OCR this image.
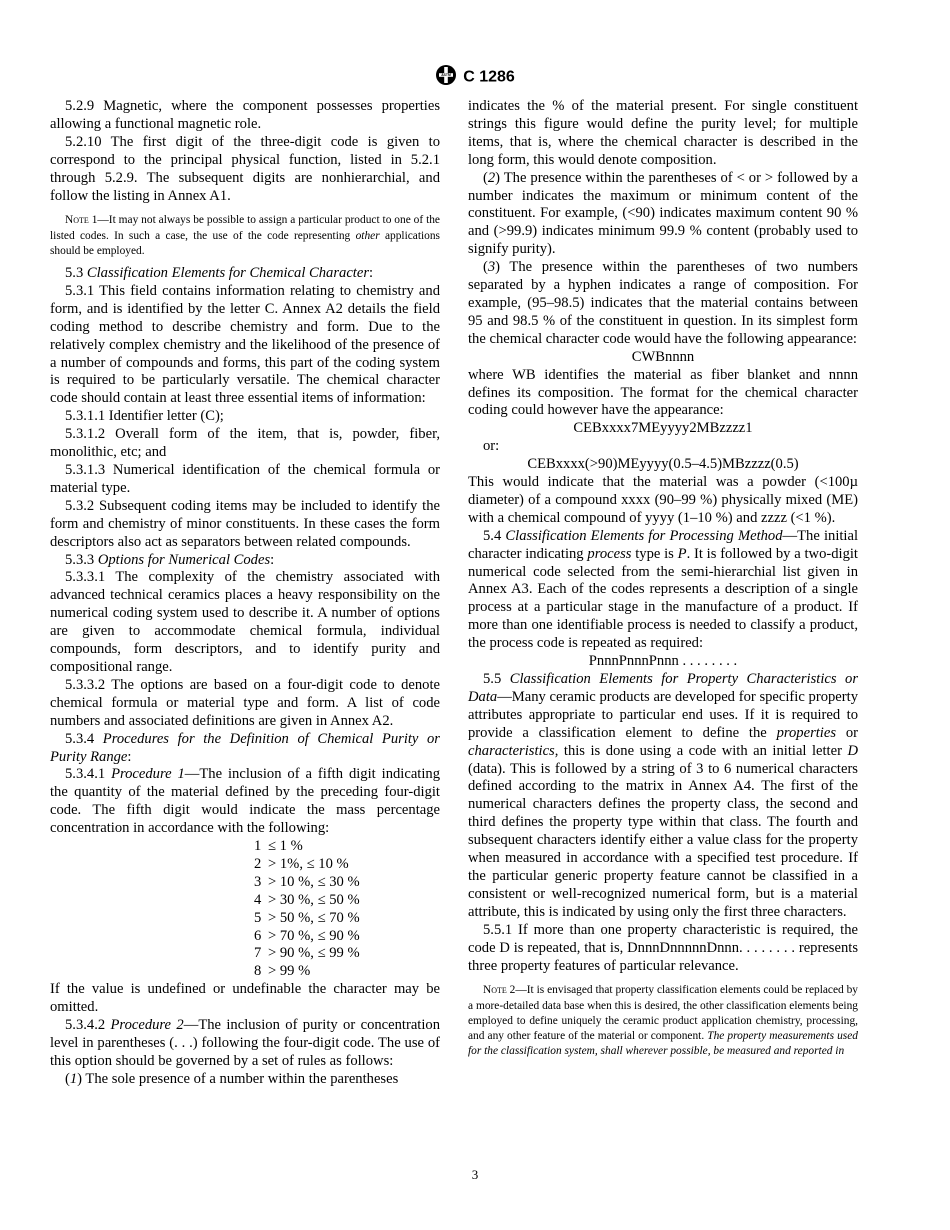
ASTM C 1286

5.2.9 Magnetic, where the component possesses properties allowing a functional magnetic role.

5.2.10 The first digit of the three-digit code is given to correspond to the principal physical function, listed in 5.2.1 through 5.2.9. The subsequent digits are nonhierarchial, and follow the listing in Annex A1.

Note 1—It may not always be possible to assign a particular product to one of the listed codes. In such a case, the use of the code representing other applications should be employed.

5.3 Classification Elements for Chemical Character:

5.3.1 This field contains information relating to chemistry and form, and is identified by the letter C. Annex A2 details the field coding method to describe chemistry and form. Due to the relatively complex chemistry and the likelihood of the presence of a number of compounds and forms, this part of the coding system is required to be particularly versatile. The chemical character code should contain at least three essential items of information:

5.3.1.1 Identifier letter (C);

5.3.1.2 Overall form of the item, that is, powder, fiber, monolithic, etc; and

5.3.1.3 Numerical identification of the chemical formula or material type.

5.3.2 Subsequent coding items may be included to identify the form and chemistry of minor constituents. In these cases the form descriptors also act as separators between related compounds.

5.3.3 Options for Numerical Codes:

5.3.3.1 The complexity of the chemistry associated with advanced technical ceramics places a heavy responsibility on the numerical coding system used to describe it. A number of options are given to accommodate chemical formula, individual compounds, form descriptors, and to identify purity and compositional range.

5.3.3.2 The options are based on a four-digit code to denote chemical formula or material type and form. A list of code numbers and associated definitions are given in Annex A2.

5.3.4 Procedures for the Definition of Chemical Purity or Purity Range:

5.3.4.1 Procedure 1—The inclusion of a fifth digit indicating the quantity of the material defined by the preceding four-digit code. The fifth digit would indicate the mass percentage concentration in accordance with the following:

1 ≤ 1 %
2 > 1%, ≤ 10 %
3 > 10 %, ≤ 30 %
4 > 30 %, ≤ 50 %
5 > 50 %, ≤ 70 %
6 > 70 %, ≤ 90 %
7 > 90 %, ≤ 99 %
8 > 99 %

If the value is undefined or undefinable the character may be omitted.

5.3.4.2 Procedure 2—The inclusion of purity or concentration level in parentheses (. . .) following the four-digit code. The use of this option should be governed by a set of rules as follows:

(1) The sole presence of a number within the parentheses

indicates the % of the material present. For single constituent strings this figure would define the purity level; for multiple items, that is, where the chemical character is described in the long form, this would denote composition.

(2) The presence within the parentheses of < or > followed by a number indicates the maximum or minimum content of the constituent. For example, (<90) indicates maximum content 90 % and (>99.9) indicates minimum 99.9 % content (probably used to signify purity).

(3) The presence within the parentheses of two numbers separated by a hyphen indicates a range of composition. For example, (95–98.5) indicates that the material contains between 95 and 98.5 % of the constituent in question. In its simplest form the chemical character code would have the following appearance:

CWBnnnn

where WB identifies the material as fiber blanket and nnnn defines its composition. The format for the chemical character coding could however have the appearance:

CEBxxxx7MEyyyy2MBzzzz1

or:

CEBxxxx(>90)MEyyyy(0.5–4.5)MBzzzz(0.5)

This would indicate that the material was a powder (<100µ diameter) of a compound xxxx (90–99 %) physically mixed (ME) with a chemical compound of yyyy (1–10 %) and zzzz (<1 %).

5.4 Classification Elements for Processing Method—The initial character indicating process type is P. It is followed by a two-digit numerical code selected from the semi-hierarchial list given in Annex A3. Each of the codes represents a description of a single process at a particular stage in the manufacture of a product. If more than one identifiable process is needed to classify a product, the process code is repeated as required:

PnnnPnnnPnnn . . . . . . . .

5.5 Classification Elements for Property Characteristics or Data—Many ceramic products are developed for specific property attributes appropriate to particular end uses. If it is required to provide a classification element to define the properties or characteristics, this is done using a code with an initial letter D (data). This is followed by a string of 3 to 6 numerical characters defined according to the matrix in Annex A4. The first of the numerical characters defines the property class, the second and third defines the property type within that class. The fourth and subsequent characters identify either a value class for the property when measured in accordance with a specified test procedure. If the particular generic property feature cannot be classified in a consistent or well-recognized numerical form, but is a material attribute, this is indicated by using only the first three characters.

5.5.1 If more than one property characteristic is required, the code D is repeated, that is, DnnnDnnnnnDnnn. . . . . . . . represents three property features of particular relevance.

Note 2—It is envisaged that property classification elements could be replaced by a more-detailed data base when this is desired, the other classification elements being employed to define uniquely the ceramic product application chemistry, processing, and any other feature of the material or component. The property measurements used for the classification system, shall wherever possible, be measured and reported in

3
